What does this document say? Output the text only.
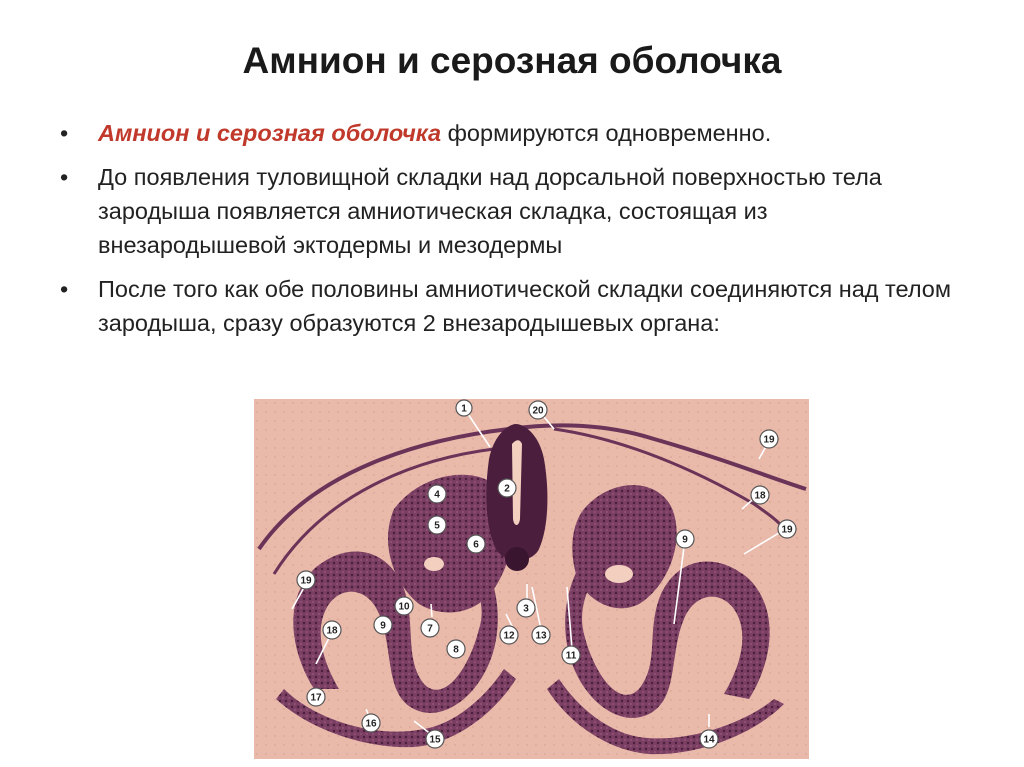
Амнион и серозная оболочка
• Амнион и серозная оболочка формируются одновременно.
• До появления туловищной складки над дорсальной поверхностью тела зародыша появляется амниотическая складка, состоящая из внезародышевой эктодермы и мезодермы
• После того как обе половины амниотической складки соединяются над телом зародыша, сразу образуются 2 внезародышевых органа:
1	20
19
18
19
2
4
5
6	9
19
10
7
3
12 13
11
9
18
8
17
16
15	14
